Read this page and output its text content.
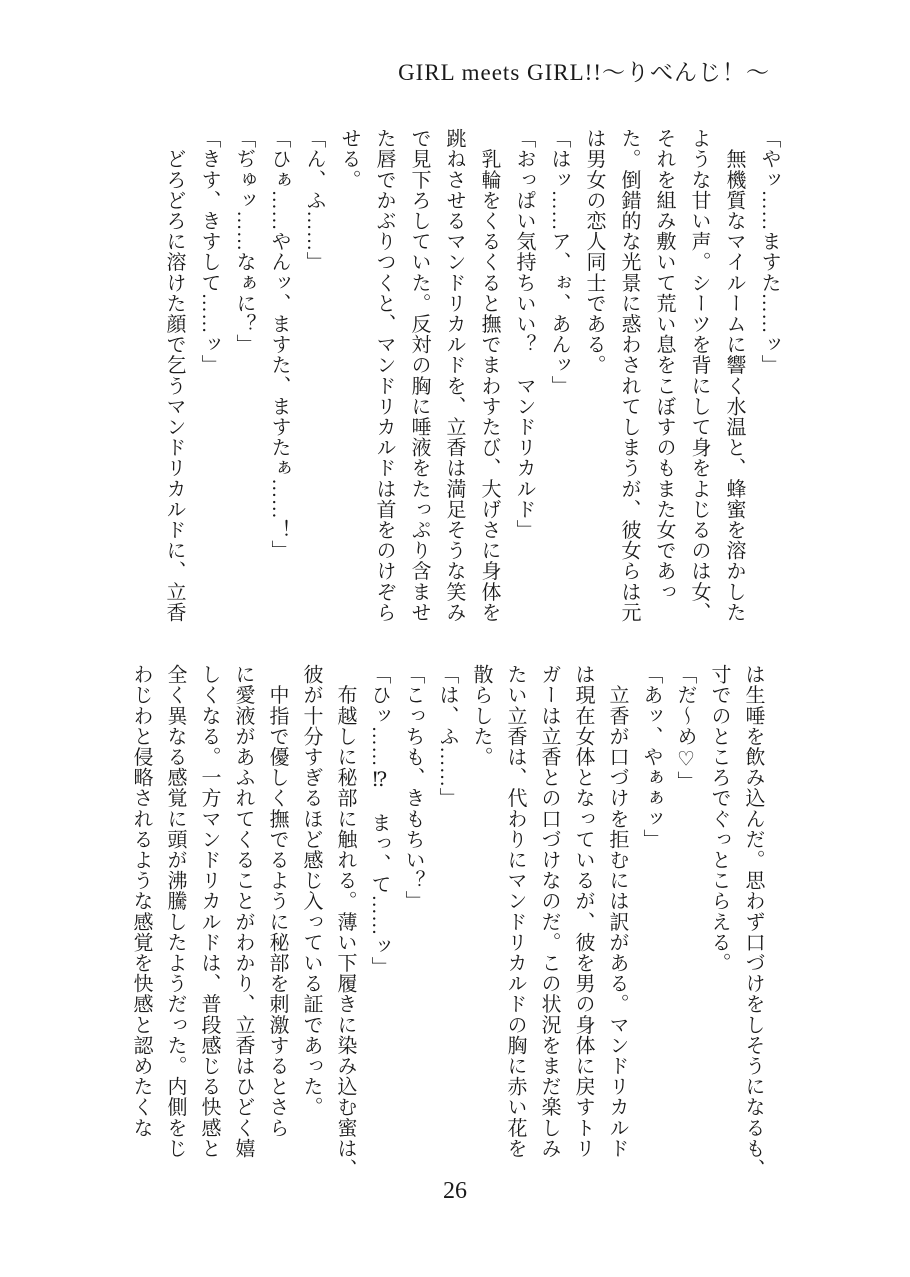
GIRL meets GIRL!!～りべんじ！～

「やッ……ますた……ッ」

　無機質なマイルームに響く水温と、蜂蜜を溶かした

ような甘い声。シーツを背にして身をよじるのは女、

それを組み敷いて荒い息をこぼすのもまた女であっ

た。倒錯的な光景に惑わされてしまうが、彼女らは元

は男女の恋人同士である。

「はッ……ア、ぉ、あんッ」

「おっぱい気持ちいい？　マンドリカルド」

　乳輪をくるくると撫でまわすたび、大げさに身体を

跳ねさせるマンドリカルドを、立香は満足そうな笑み

で見下ろしていた。反対の胸に唾液をたっぷり含ませ

た唇でかぶりつくと、マンドリカルドは首をのけぞら

せる。

「ん、ふ……」

「ひぁ……やんッ、ますた、ますたぁ……！」

「ぢゅッ……なぁに？」

「きす、きすして……ッ」

　どろどろに溶けた顔で乞うマンドリカルドに、立香

は生唾を飲み込んだ。思わず口づけをしそうになるも、

寸でのところでぐっとこらえる。

「だ～め♡」

「あッ、やぁぁッ」

　立香が口づけを拒むには訳がある。マンドリカルド

は現在女体となっているが、彼を男の身体に戻すトリ

ガーは立香との口づけなのだ。この状況をまだ楽しみ

たい立香は、代わりにマンドリカルドの胸に赤い花を

散らした。

「は、ふ……」

「こっちも、きもちい？」

「ひッ……⁉　まっ、て……ッ」

　布越しに秘部に触れる。薄い下履きに染み込む蜜は、

彼が十分すぎるほど感じ入っている証であった。

　中指で優しく撫でるように秘部を刺激するとさら

に愛液があふれてくることがわかり、立香はひどく嬉

しくなる。一方マンドリカルドは、普段感じる快感と

全く異なる感覚に頭が沸騰したようだった。内側をじ

わじわと侵略されるような感覚を快感と認めたくな

26
